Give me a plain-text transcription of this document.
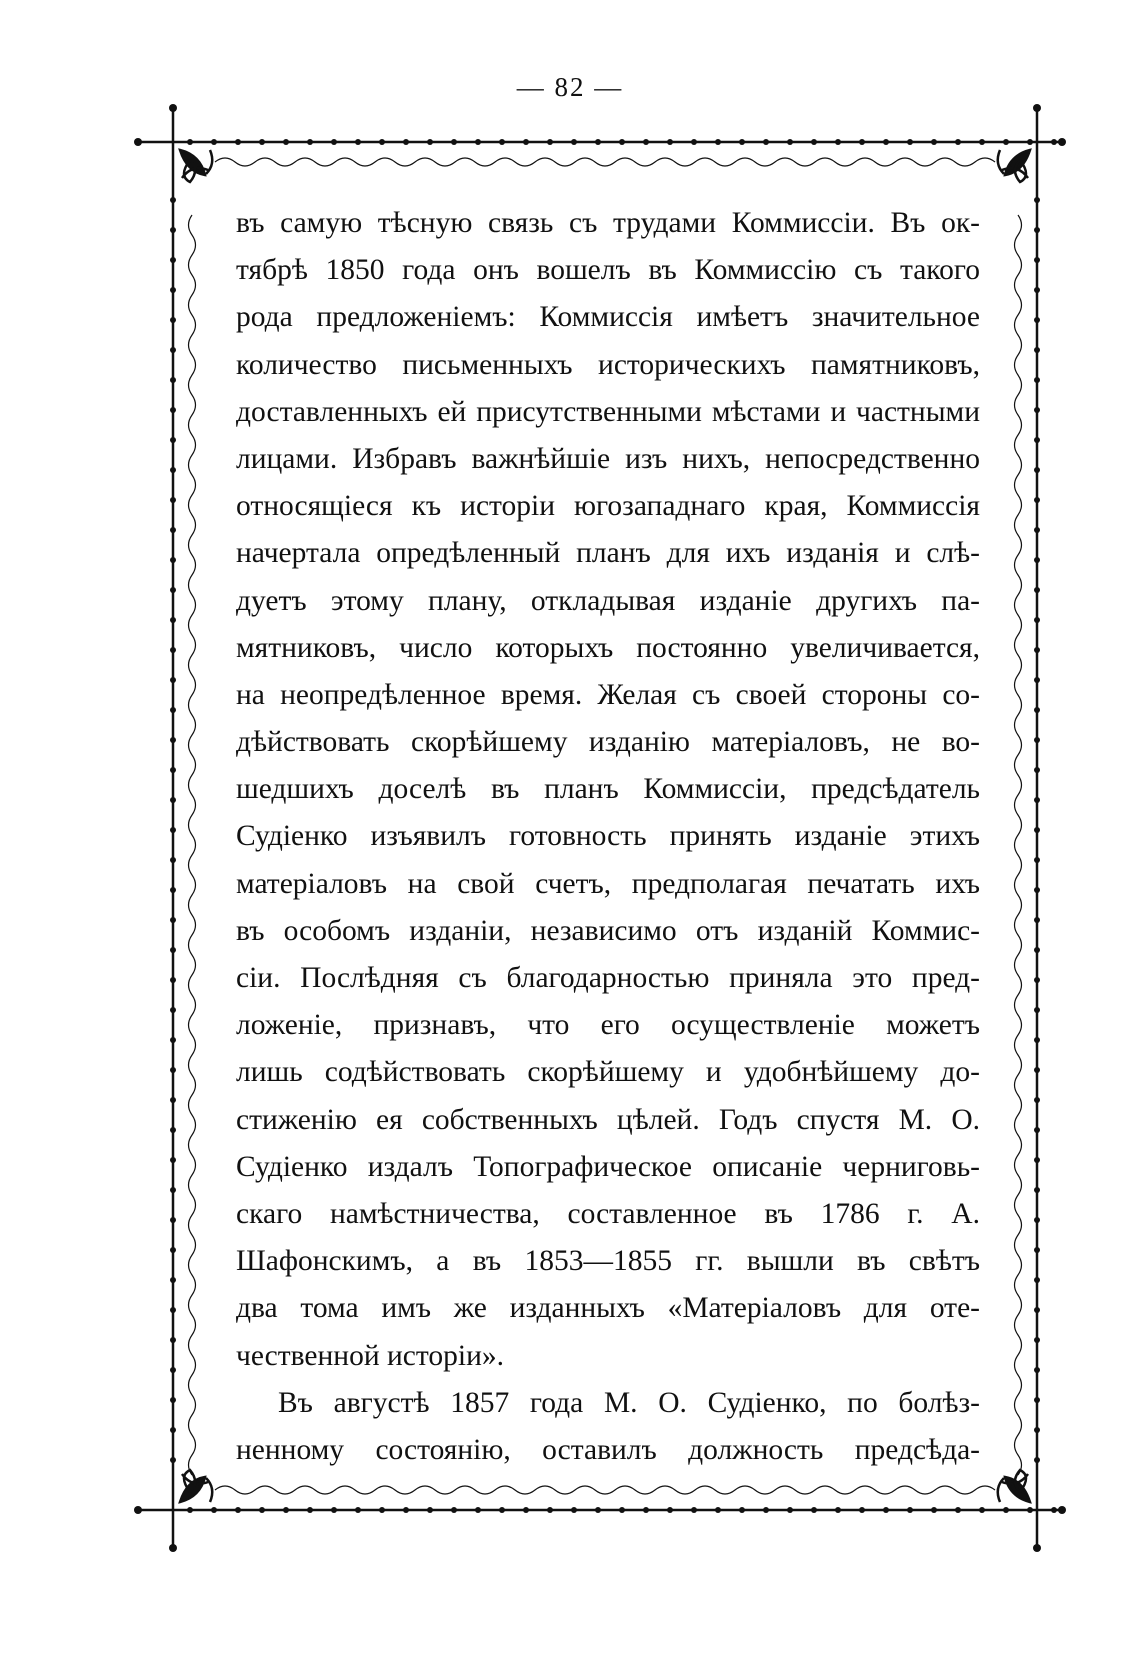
— 82 —
въ самую тѣсную связь съ трудами Коммиссіи. Въ ок-
тябрѣ 1850 года онъ вошелъ въ Коммиссію съ такого
рода предложеніемъ: Коммиссія имѣетъ значительное
количество письменныхъ историческихъ памятниковъ,
доставленныхъ ей присутственными мѣстами и частными
лицами. Избравъ важнѣйшіе изъ нихъ, непосредственно
относящіеся къ исторіи югозападнаго края, Коммиссія
начертала опредѣленный планъ для ихъ изданія и слѣ-
дуетъ этому плану, откладывая изданіе другихъ па-
мятниковъ, число которыхъ постоянно увеличивается,
на неопредѣленное время. Желая съ своей стороны со-
дѣйствовать скорѣйшему изданію матеріаловъ, не во-
шедшихъ доселѣ въ планъ Коммиссіи, предсѣдатель
Судіенко изъявилъ готовность принять изданіе этихъ
матеріаловъ на свой счетъ, предполагая печатать ихъ
въ особомъ изданіи, независимо отъ изданій Коммис-
сіи. Послѣдняя съ благодарностью приняла это пред-
ложеніе, признавъ, что его осуществленіе можетъ
лишь содѣйствовать скорѣйшему и удобнѣйшему до-
стиженію ея собственныхъ цѣлей. Годъ спустя М. О.
Судіенко издалъ Топографическое описаніе черниговь-
скаго намѣстничества, составленное въ 1786 г. А.
Шафонскимъ, а въ 1853—1855 гг. вышли въ свѣтъ
два тома имъ же изданныхъ «Матеріаловъ для оте-
чественной исторіи».
Въ августѣ 1857 года М. О. Судіенко, по болѣз-
ненному состоянію, оставилъ должность предсѣда-
